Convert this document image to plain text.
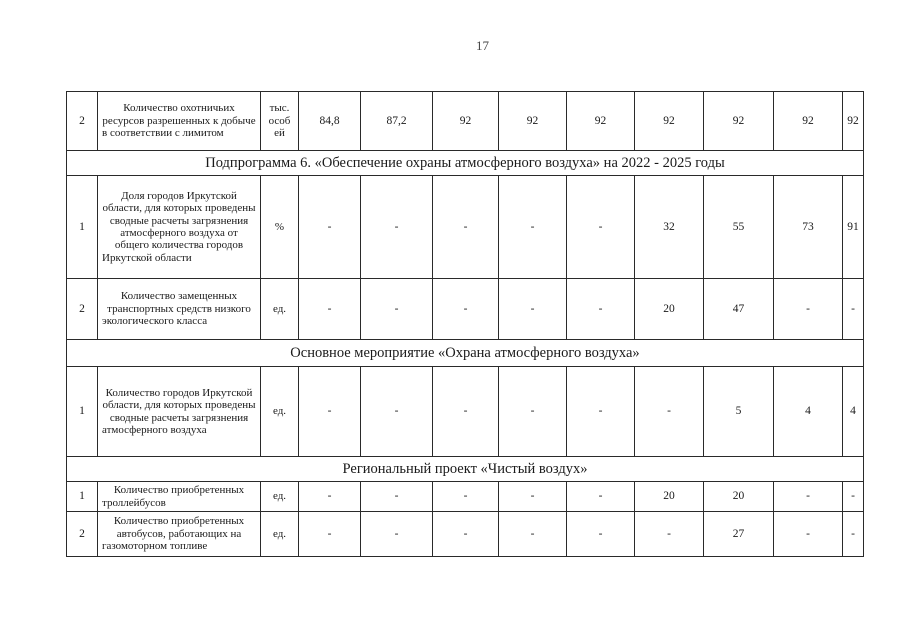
17
2	Количество охотничьих ресурсов разрешенных к добыче в соответствии с лимитом	тыс. особ ей	84,8	87,2	92	92	92	92	92	92	92
Подпрограмма 6. «Обеспечение охраны атмосферного воздуха» на 2022 - 2025 годы											
1	Доля городов Иркутской области, для которых проведены сводные расчеты загрязнения атмосферного воздуха от общего количества городов Иркутской области	%	-	-	-	-	-	32	55	73	91
2	Количество замещенных транспортных средств низкого экологического класса	ед.	-	-	-	-	-	20	47	-	-
Основное мероприятие «Охрана атмосферного воздуха»											
1	Количество городов Иркутской области, для которых проведены сводные расчеты загрязнения атмосферного воздуха	ед.	-	-	-	-	-	-	5	4	4
Региональный проект «Чистый воздух»											
1	Количество приобретенных троллейбусов	ед.	-	-	-	-	-	20	20	-	-
2	Количество приобретенных автобусов, работающих на газомоторном топливе	ед.	-	-	-	-	-	-	27	-	-
